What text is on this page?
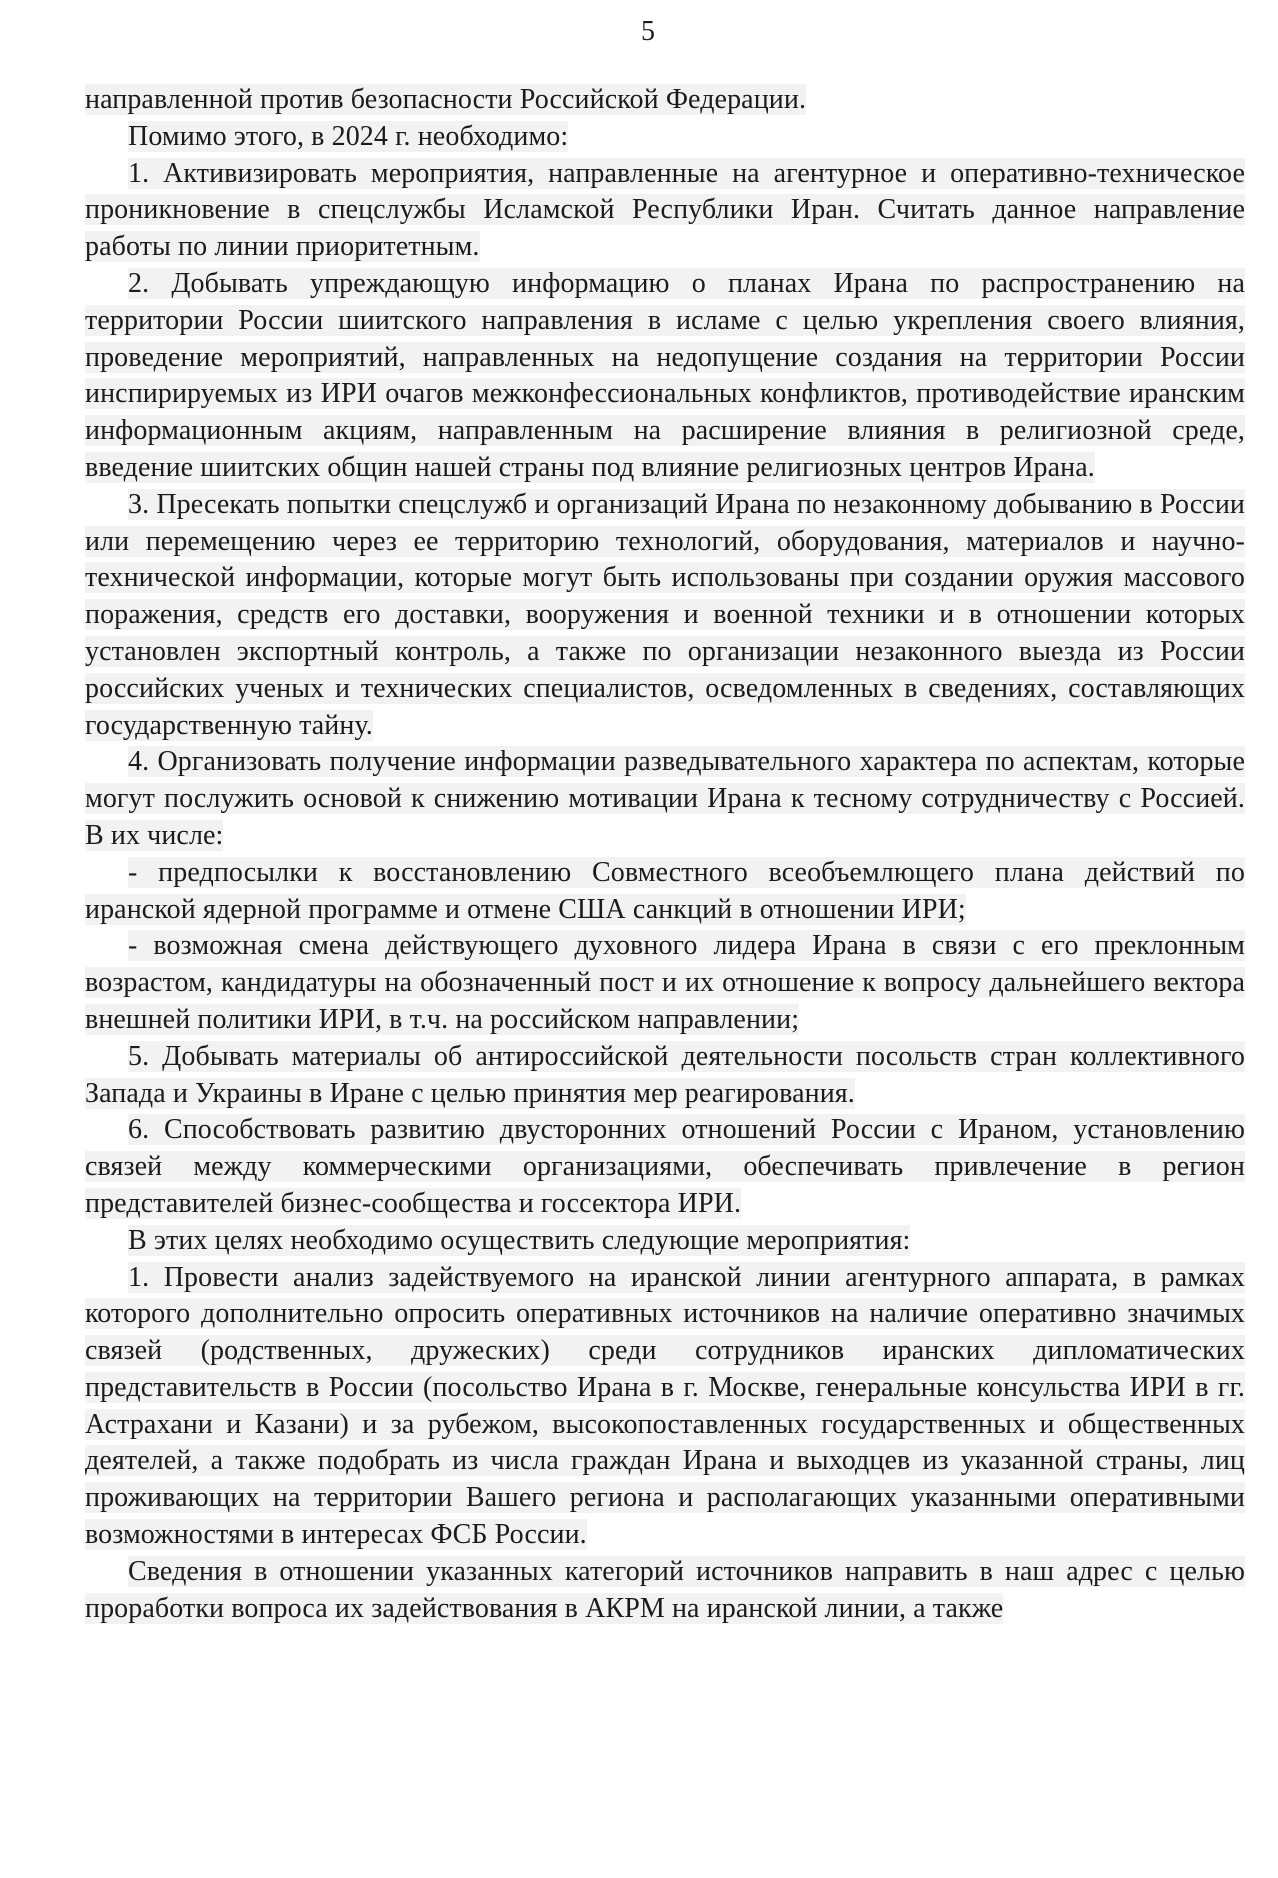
5

направленной против безопасности Российской Федерации.

Помимо этого, в 2024 г. необходимо:

1. Активизировать мероприятия, направленные на агентурное и оперативно-техническое проникновение в спецслужбы Исламской Республики Иран. Считать данное направление работы по линии приоритетным.

2. Добывать упреждающую информацию о планах Ирана по распространению на территории России шиитского направления в исламе с целью укрепления своего влияния, проведение мероприятий, направленных на недопущение создания на территории России инспирируемых из ИРИ очагов межконфессиональных конфликтов, противодействие иранским информационным акциям, направленным на расширение влияния в религиозной среде, введение шиитских общин нашей страны под влияние религиозных центров Ирана.

3. Пресекать попытки спецслужб и организаций Ирана по незаконному добыванию в России или перемещению через ее территорию технологий, оборудования, материалов и научно-технической информации, которые могут быть использованы при создании оружия массового поражения, средств его доставки, вооружения и военной техники и в отношении которых установлен экспортный контроль, а также по организации незаконного выезда из России российских ученых и технических специалистов, осведомленных в сведениях, составляющих государственную тайну.

4. Организовать получение информации разведывательного характера по аспектам, которые могут послужить основой к снижению мотивации Ирана к тесному сотрудничеству с Россией. В их числе:

- предпосылки к восстановлению Совместного всеобъемлющего плана действий по иранской ядерной программе и отмене США санкций в отношении ИРИ;

- возможная смена действующего духовного лидера Ирана в связи с его преклонным возрастом, кандидатуры на обозначенный пост и их отношение к вопросу дальнейшего вектора внешней политики ИРИ, в т.ч. на российском направлении;

5. Добывать материалы об антироссийской деятельности посольств стран коллективного Запада и Украины в Иране с целью принятия мер реагирования.

6. Способствовать развитию двусторонних отношений России с Ираном, установлению связей между коммерческими организациями, обеспечивать привлечение в регион представителей бизнес-сообщества и госсектора ИРИ.

В этих целях необходимо осуществить следующие мероприятия:

1. Провести анализ задействуемого на иранской линии агентурного аппарата, в рамках которого дополнительно опросить оперативных источников на наличие оперативно значимых связей (родственных, дружеских) среди сотрудников иранских дипломатических представительств в России (посольство Ирана в г. Москве, генеральные консульства ИРИ в гг. Астрахани и Казани) и за рубежом, высокопоставленных государственных и общественных деятелей, а также подобрать из числа граждан Ирана и выходцев из указанной страны, лиц проживающих на территории Вашего региона и располагающих указанными оперативными возможностями в интересах ФСБ России.

Сведения в отношении указанных категорий источников направить в наш адрес с целью проработки вопроса их задействования в АКРМ на иранской линии, а также
